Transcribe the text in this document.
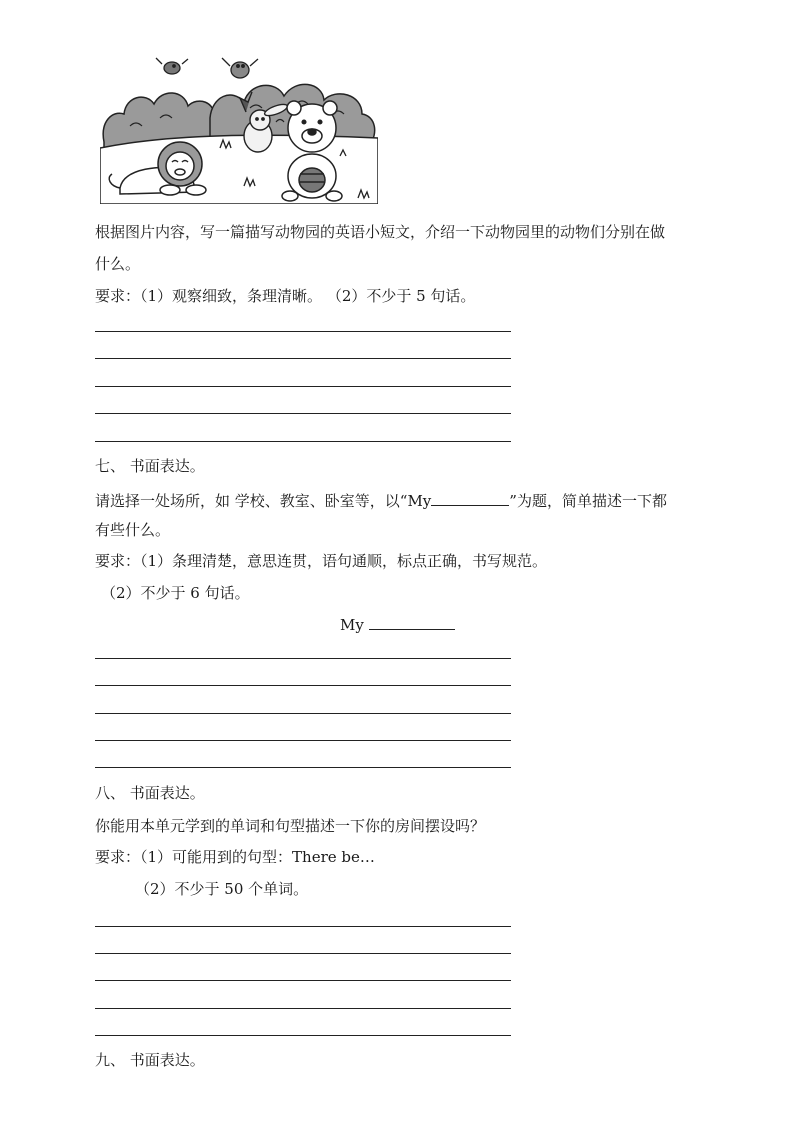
根据图片内容，写一篇描写动物园的英语小短文，介绍一下动物园里的动物们分别在做
什么。
要求：（1）观察细致，条理清晰。 （2）不少于 5 句话。
七、 书面表达。
请选择一处场所，如 学校、教室、卧室等，以“My	”为题，简单描述一下都
有些什么。
要求：（1）条理清楚，意思连贯，语句通顺，标点正确，书写规范。
（2）不少于 6 句话。
My
八、 书面表达。
你能用本单元学到的单词和句型描述一下你的房间摆设吗？
要求：（1）可能用到的句型：There be…
（2）不少于 50 个单词。
九、 书面表达。
